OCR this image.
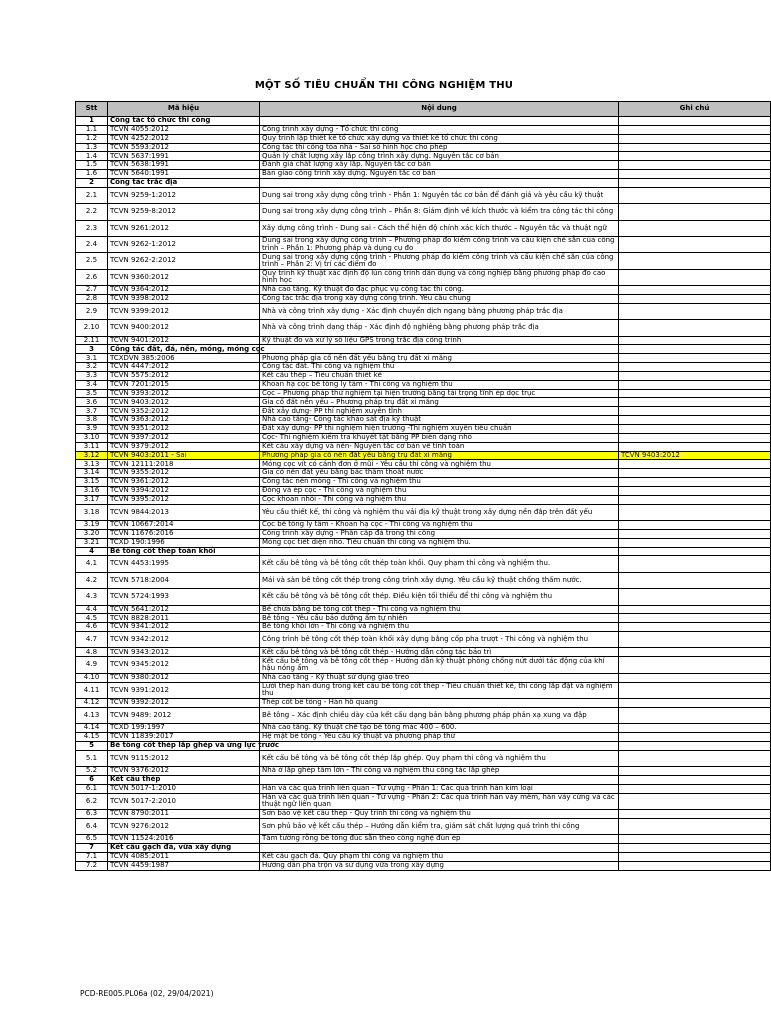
MỘT SỐ TIÊU CHUẨN THI CÔNG NGHIỆM THU
Stt	Mã hiệu	Nội dung	Ghi chú
1	Công tác tổ chức thi công		
1.1	TCVN 4055:2012	Công trình xây dựng - Tổ chức thi công	
1.2	TCVN 4252:2012	Quy trình lập thiết kế tổ chức xây dựng và thiết kế tổ chức thi công	
1.3	TCVN 5593:2012	Công tác thi công tòa nhà - Sai số hình học cho phép	
1.4	TCVN 5637:1991	Quản lý chất lượng xây lắp công trình xây dựng. Nguyên tắc cơ bản	
1.5	TCVN 5638:1991	Đánh giá chất lượng xây lắp. Nguyên tắc cơ bản	
1.6	TCVN 5640:1991	Bàn giao công trình xây dựng. Nguyên tắc cơ bản	
2	Công tác trắc địa		
2.1	TCVN 9259-1:2012	Dung sai trong xây dựng công trình - Phần 1: Nguyên tắc cơ bản để đánh giá và yêu cầu kỹ thuật	
2.2	TCVN 9259-8:2012	Dung sai trong xây dựng công trình – Phần 8: Giám định về kích thước và kiểm tra công tác thi công	
2.3	TCVN 9261:2012	Xây dựng công trình - Dung sai - Cách thể hiện độ chính xác kích thước – Nguyên tắc và thuật ngữ	
2.4	TCVN 9262-1:2012	Dung sai trong xây dựng công trình – Phương pháp đo kiểm công trình và cấu kiện chế sẵn của công trình – Phần 1: Phương pháp và dụng cụ đo	
2.5	TCVN 9262-2:2012	Dung sai trong xây dựng công trình - Phương pháp đo kiểm công trình và cấu kiện chế sẵn của công trình – Phần 2: Vị trí các điểm đo	
2.6	TCVN 9360:2012	Quy trình kỹ thuật xác định độ lún công trình dân dụng và công nghiệp bằng phương pháp đo cao hình học	
2.7	TCVN 9364:2012	Nhà cao tầng. Kỹ thuật đo đạc phục vụ công tác thi công.	
2.8	TCVN 9398:2012	Công tác trắc địa trong xây dựng công trình. Yêu cầu chung	
2.9	TCVN 9399:2012	Nhà và công trình xây dựng - Xác định chuyển dịch ngang bằng phương pháp trắc địa	
2.10	TCVN 9400:2012	Nhà và công trình dạng tháp - Xác định độ nghiêng bằng phương pháp trắc địa	
2.11	TCVN 9401:2012	Kỹ thuật đo và xử lý số liệu GPS trong trắc địa công trình	
3	Công tác đất, đá, nền, móng, móng cọc		
3.1	TCXDVN 385:2006	Phương pháp gia cố nền đất yếu bằng trụ đất xi măng	
3.2	TCVN 4447:2012	Công tác đất. Thi công và nghiệm thu	
3.3	TCVN 5575:2012	Kết cấu thép – Tiêu chuẩn thiết kế	
3.4	TCVN 7201:2015	Khoan hạ cọc bê tông ly tâm - Thi công và nghiệm thu	
3.5	TCVN 9393:2012	Cọc – Phương pháp thử nghiệm tại hiện trường bằng tải trọng tĩnh ép dọc trục	
3.6	TCVN 9403:2012	Gia cố đất nền yếu – Phương pháp trụ đất xi măng	
3.7	TCVN 9352:2012	Đất xây dựng- PP thí nghiệm xuyên tĩnh	
3.8	TCVN 9363:2012	Nhà cao tầng- Công tác khảo sát địa kỹ thuật	
3.9	TCVN 9351:2012	Đất xây dựng- PP thí nghiệm hiện trường -Thí nghiệm xuyên tiêu chuẩn	
3.10	TCVN 9397:2012	Cọc- Thí nghiệm kiểm tra khuyết tật bằng PP biến dạng nhỏ	
3.11	TCVN 9379:2012	Kết cấu xây dựng và nền- Nguyên tắc cơ bản về tính toán	
3.12	TCVN 9403:2011 - Sai	Phương pháp gia cố nền đất yếu bằng trụ đất xi măng	TCVN 9403:2012
3.13	TCVN 12111:2018	Móng cọc vít có cánh đơn ở mũi - Yêu cầu thi công và nghiệm thu	
3.14	TCVN 9355:2012	Gia cố nền đất yếu bằng bấc thấm thoát nước	
3.15	TCVN 9361:2012	Công tác nền móng - Thi công và nghiệm thu	
3.16	TCVN 9394:2012	Đóng và ép cọc - Thi công và nghiệm thu	
3.17	TCVN 9395:2012	Cọc khoan nhồi - Thi công và nghiệm thu	
3.18	TCVN 9844:2013	Yêu cầu thiết kế, thi công và nghiệm thu vải địa kỹ thuật trong xây dựng nền đắp trên đất yếu	
3.19	TCVN 10667:2014	Cọc bê tông ly tâm - Khoan hạ cọc - Thi công và nghiệm thu	
3.20	TCVN 11676:2016	Công trình xây dựng - Phân cấp đá trong thi công	
3.21	TCXD 190:1996	Móng cọc tiết diện nhỏ. Tiêu chuẩn thi công và nghiệm thu.	
4	Bê tông cốt thép toàn khối		
4.1	TCVN 4453:1995	Kết cấu bê tông và bê tông cốt thép toàn khối. Quy phạm thi công và nghiệm thu.	
4.2	TCVN 5718:2004	Mái và sàn bê tông cốt thép trong công trình xây dựng. Yêu cầu kỹ thuật chống thấm nước.	
4.3	TCVN 5724:1993	Kết cấu bê tông và bê tông cốt thép. Điều kiện tối thiểu để thi công và nghiệm thu	
4.4	TCVN 5641:2012	Bể chứa bằng bê tông cốt thép - Thi công và nghiệm thu	
4.5	TCVN 8828:2011	Bê tông - Yêu cầu bảo dưỡng ẩm tự nhiên	
4.6	TCVN 9341:2012	Bê tông khối lớn - Thi công và nghiệm thu	
4.7	TCVN 9342:2012	Công trình bê tông cốt thép toàn khối xây dựng bằng cốp pha trượt - Thi công và nghiệm thu	
4.8	TCVN 9343:2012	Kết cấu bê tông và bê tông cốt thép - Hướng dẫn công tác bảo trì	
4.9	TCVN 9345:2012	Kết cấu bê tông và bê tông cốt thép - Hướng dẫn kỹ thuật phòng chống nứt dưới tác động của khí hậu nóng ẩm	
4.10	TCVN 9380:2012	Nhà cao tầng - Kỹ thuật sử dụng giáo treo	
4.11	TCVN 9391:2012	Lưới thép hàn dùng trong kết cấu bê tông cốt thép - Tiêu chuẩn thiết kế, thi công lắp đặt và nghiệm thu	
4.12	TCVN 9392:2012	Thép cốt bê tông - Hàn hồ quang	
4.13	TCVN 9489: 2012	Bê tông – Xác định chiều dày của kết cấu dạng bản bằng phương pháp phản xạ xung va đập	
4.14	TCXD 199:1997	Nhà cao tầng. Kỹ thuật chế tạo bê tông mác 400 – 600.	
4.15	TCVN 11839:2017	Hệ mặt bê tông - Yêu cầu kỹ thuật và phương pháp thử	
5	Bê tông cốt thép lắp ghép và ứng lực trước		
5.1	TCVN 9115:2012	Kết cấu bê tông và bê tông cốt thép lắp ghép. Quy phạm thi công và nghiệm thu	
5.2	TCVN 9376:2012	Nhà ở lắp ghép tấm lớn - Thi công và nghiệm thu công tác lắp ghép	
6	Kết cấu thép		
6.1	TCVN 5017-1:2010	Hàn và các quá trình liên quan - Từ vựng - Phần 1: Các quá trình hàn kim loại	
6.2	TCVN 5017-2:2010	Hàn và các quá trình liên quan - Từ vựng - Phần 2: Các quá trình hàn vảy mềm, hàn vảy cứng và các thuật ngữ liên quan	
6.3	TCVN 8790:2011	Sơn bảo vệ kết cấu thép - Quy trình thi công và nghiệm thu	
6.4	TCVN 9276:2012	Sơn phủ bảo vệ kết cấu thép – Hướng dẫn kiểm tra, giám sát chất lượng quá trình thi công	
6.5	TCVN 11524:2016	Tấm tường rỗng bê tông đúc sẵn theo công nghệ đùn ép	
7	Kết cấu gạch đá, vữa xây dựng		
7.1	TCVN 4085:2011	Kết cấu gạch đá. Quy phạm thi công và nghiệm thu	
7.2	TCVN 4459:1987	Hướng dẫn pha trộn và sử dụng vữa trong xây dựng	
PCD-RE005.PL06a (02, 29/04/2021)
